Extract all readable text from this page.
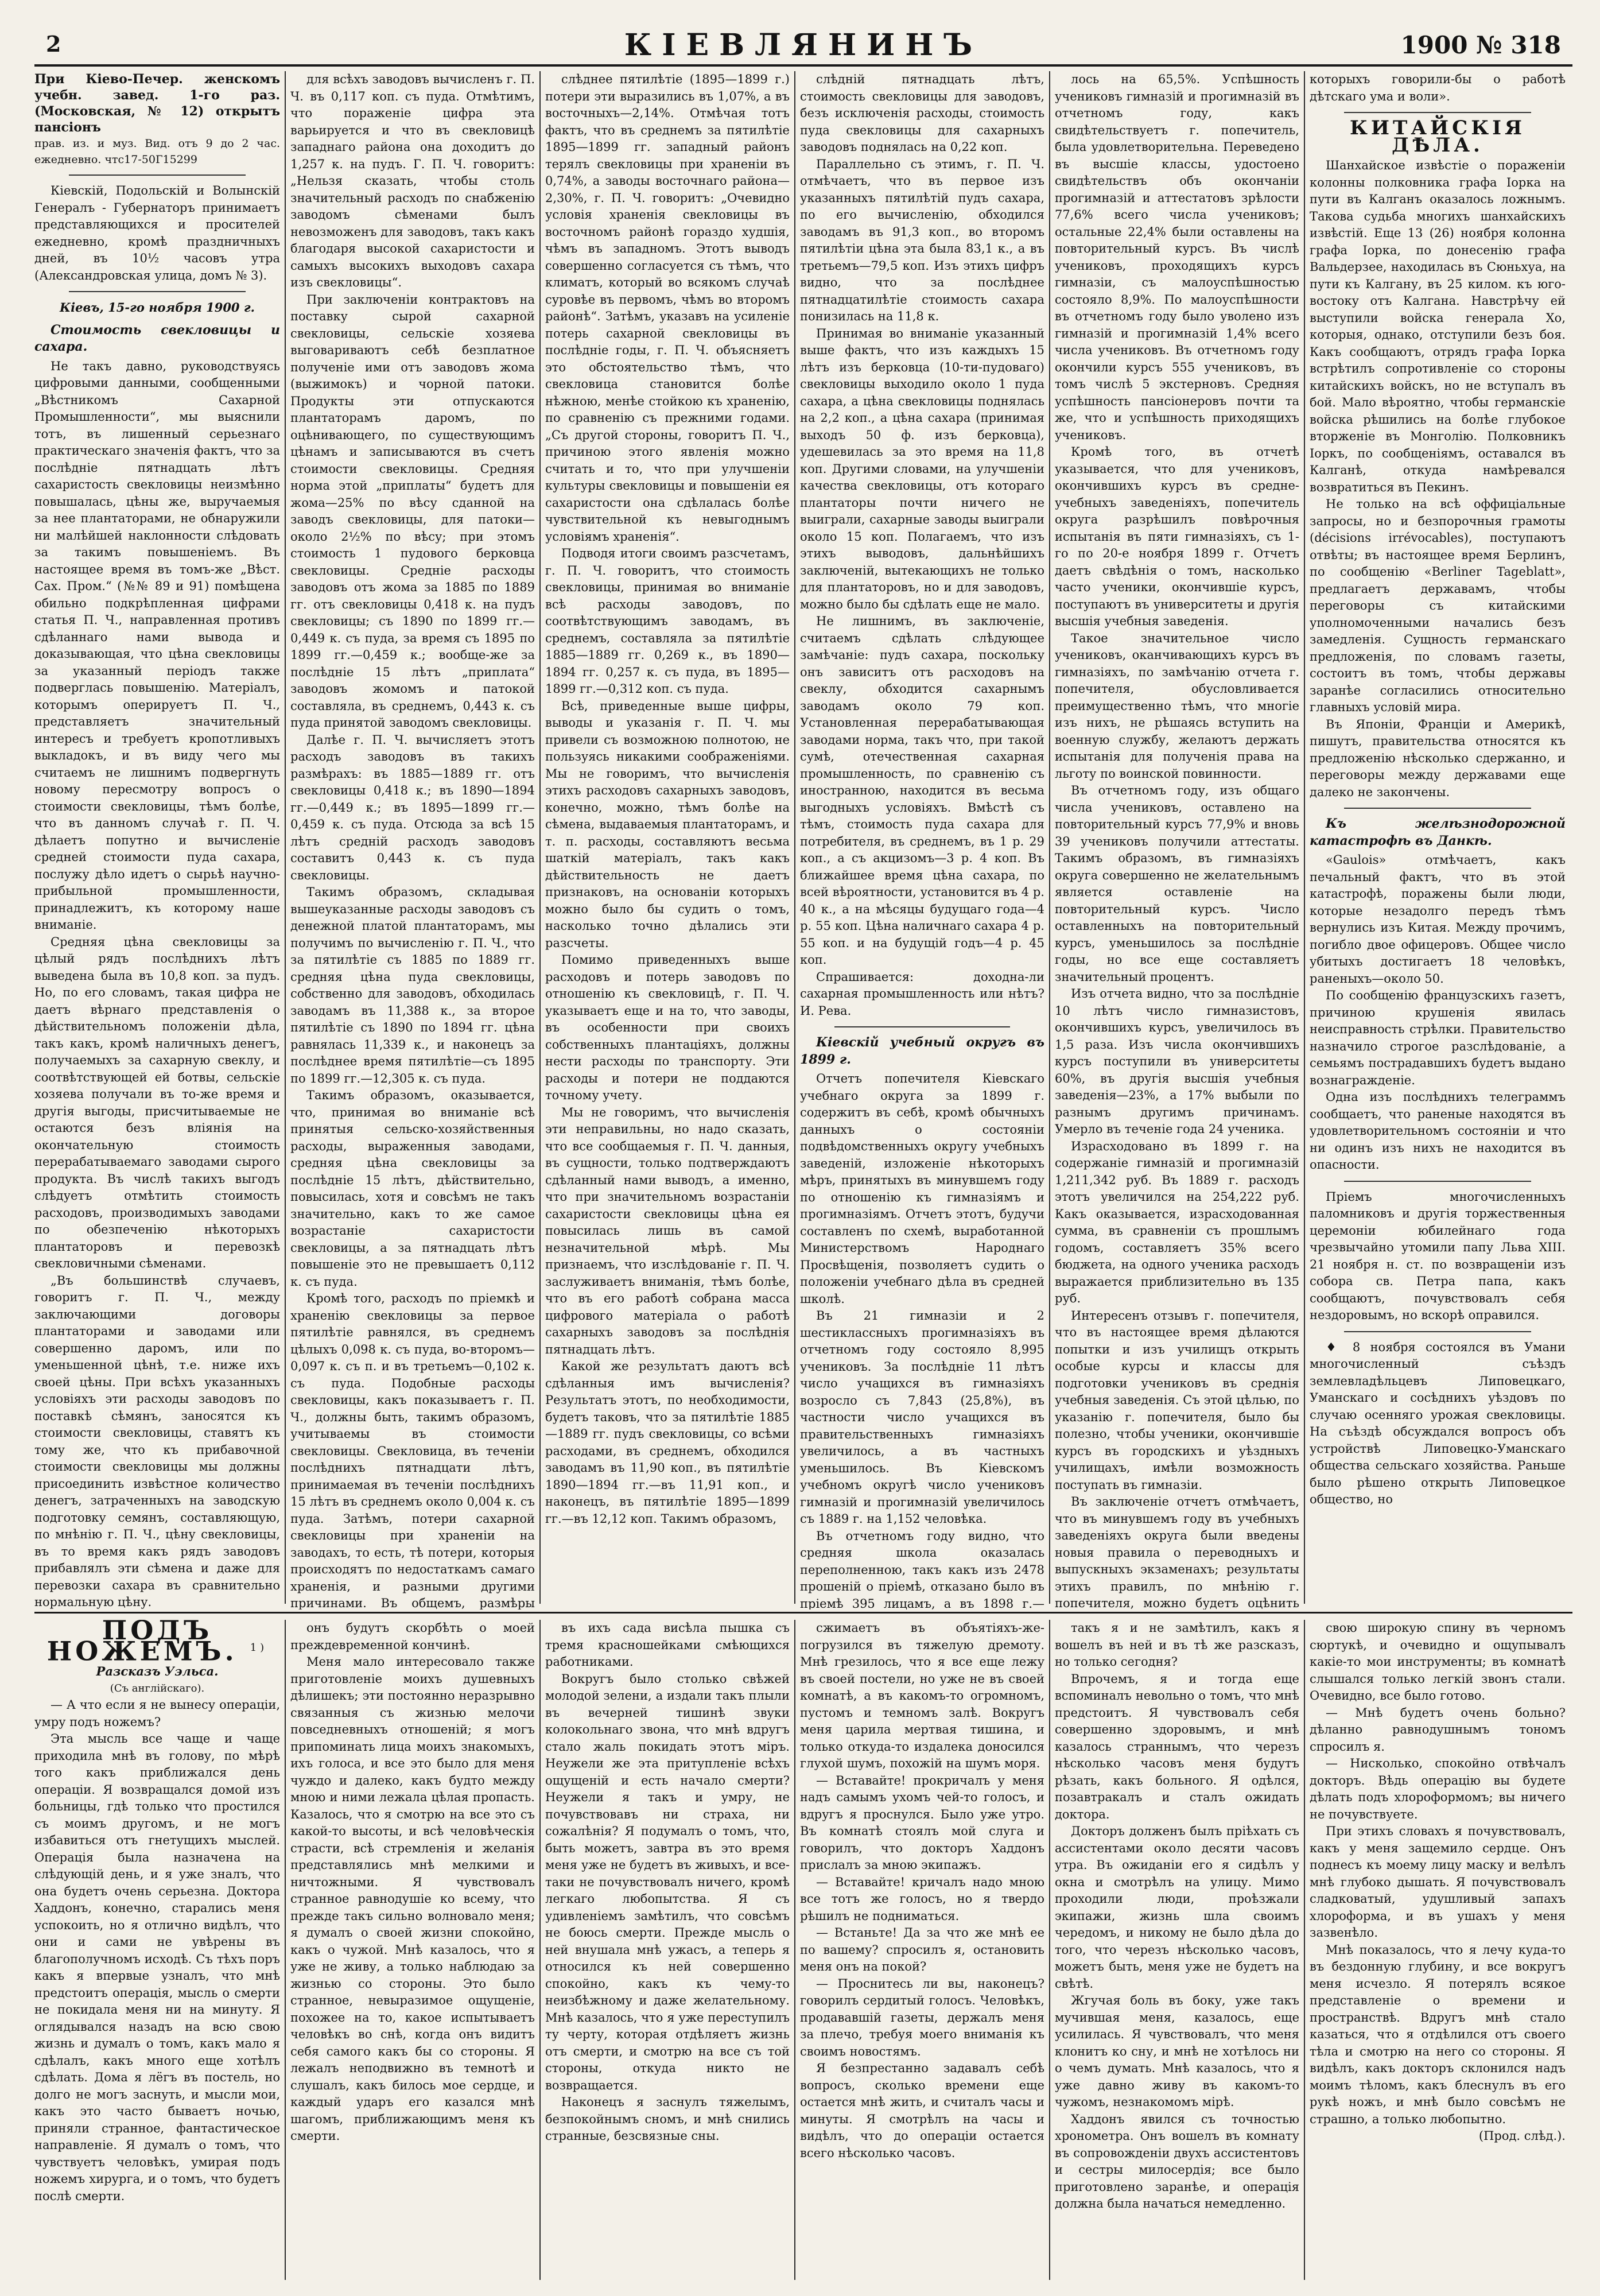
2	КІЕВЛЯНИНЪ	1900 № 318

При Кіево-Печер. женскомъ учебн. завед. 1-го раз. (Московская, № 12) открытъ пансіонъ

прав. из. и муз. Вид. отъ 9 до 2 час. ежедневно. чтс17-50Г15299

Кіевскій, Подольскій и Волынскій Генералъ - Губернаторъ принимаетъ представляющихся и просителей ежедневно, кромѣ праздничныхъ дней, въ 10½ часовъ утра (Александровская улица, домъ № 3).

Кіевъ, 15-го ноября 1900 г.

Стоимость свекловицы и сахара.

Не такъ давно, руководствуясь цифровыми данными, сообщенными „Вѣстникомъ Сахарной Промышленности“, мы выяснили тотъ, въ лишенный серьезнаго практическаго значенія фактъ, что за послѣдніе пятнадцать лѣтъ сахаристость свекловицы неизмѣнно повышалась, цѣны же, выручаемыя за нее плантаторами, не обнаружили ни малѣйшей наклонности слѣдовать за такимъ повышеніемъ. Въ настоящее время въ томъ-же „Вѣст. Сах. Пром.“ (№№ 89 и 91) помѣщена обильно подкрѣпленная цифрами статья П. Ч., направленная противъ сдѣланнаго нами вывода и доказывающая, что цѣна свекловицы за указанный періодъ также подверглась повышенію. Матеріалъ, которымъ оперируетъ П. Ч., представляетъ значительный интересъ и требуетъ кропотливыхъ выкладокъ, и въ виду чего мы считаемъ не лишнимъ подвергнуть новому пересмотру вопросъ о стоимости свекловицы, тѣмъ болѣе, что въ данномъ случаѣ г. П. Ч. дѣлаетъ попутно и вычисленіе средней стоимости пуда сахара, послужу дѣло идетъ о сырьѣ научно-прибыльной промышленности, принадлежитъ, къ которому наше вниманіе.

Средняя цѣна свекловицы за цѣлый рядъ послѣднихъ лѣтъ выведена была въ 10,8 коп. за пудъ. Но, по его словамъ, такая цифра не даетъ вѣрнаго представленія о дѣйствительномъ положеніи дѣла, такъ какъ, кромѣ наличныхъ денегъ, получаемыхъ за сахарную свеклу, и соотвѣтствующей ей ботвы, сельскіе хозяева получали въ то-же время и другія выгоды, присчитываемые не остаются безъ вліянія на окончательную стоимость перерабатываемаго заводами сырого продукта. Въ числѣ такихъ выгодъ слѣдуетъ отмѣтить стоимость расходовъ, производимыхъ заводами по обезпеченію нѣкоторыхъ плантаторовъ и перевозкѣ свекловичными сѣменами.

„Въ большинствѣ случаевъ, говоритъ г. П. Ч., между заключающими договоры плантаторами и заводами или совершенно даромъ, или по уменьшенной цѣнѣ, т.е. ниже ихъ своей цѣны. При всѣхъ указанныхъ условіяхъ эти расходы заводовъ по поставкѣ сѣмянъ, заносятся къ стоимости свекловицы, ставятъ къ тому же, что къ прибавочной стоимости свекловицы мы должны присоединить извѣстное количество денегъ, затраченныхъ на заводскую подготовку семянъ, составляющую, по мнѣнію г. П. Ч., цѣну свекловицы, въ то время какъ рядъ заводовъ прибавлялъ эти сѣмена и даже для перевозки сахара въ сравнительно нормальную цѣну.

для всѣхъ заводовъ вычисленъ г. П. Ч. въ 0,117 коп. съ пуда. Отмѣтимъ, что пораженіе цифра эта варьируется и что въ свекловицѣ западнаго района она доходитъ до 1,257 к. на пудъ. Г. П. Ч. говоритъ: „Нельзя сказать, чтобы столь значительный расходъ по снабженію заводомъ сѣменами былъ невозможенъ для заводовъ, такъ какъ благодаря высокой сахаристости и самыхъ высокихъ выходовъ сахара изъ свекловицы“.

При заключеніи контрактовъ на поставку сырой сахарной свекловицы, сельскіе хозяева выговариваютъ себѣ безплатное полученіе ими отъ заводовъ жома (выжимокъ) и чорной патоки. Продукты эти отпускаются плантаторамъ даромъ, по оцѣнивающего, по существующимъ цѣнамъ и записываются въ счетъ стоимости свекловицы. Средняя норма этой „приплаты“ будетъ для жома—25% по вѣсу сданной на заводъ свекловицы, для патоки—около 2½% по вѣсу; при этомъ стоимость 1 пудового берковца свекловицы. Средніе расходы заводовъ отъ жома за 1885 по 1889 гг. отъ свекловицы 0,418 к. на пудъ свекловицы; съ 1890 по 1899 гг.—0,449 к. съ пуда, за время съ 1895 по 1899 гг.—0,459 к.; вообще-же за послѣдніе 15 лѣтъ „приплата“ заводовъ жомомъ и патокой составляла, въ среднемъ, 0,443 к. съ пуда принятой заводомъ свекловицы.

Далѣе г. П. Ч. вычисляетъ этотъ расходъ заводовъ въ такихъ размѣрахъ: въ 1885—1889 гг. отъ свекловицы 0,418 к.; въ 1890—1894 гг.—0,449 к.; въ 1895—1899 гг.—0,459 к. съ пуда. Отсюда за всѣ 15 лѣтъ средній расходъ заводовъ составитъ 0,443 к. съ пуда свекловицы.

Такимъ образомъ, складывая вышеуказанные расходы заводовъ съ денежной платой плантаторамъ, мы получимъ по вычисленію г. П. Ч., что за пятилѣтіе съ 1885 по 1889 гг. средняя цѣна пуда свекловицы, собственно для заводовъ, обходилась заводамъ въ 11,388 к., за второе пятилѣтіе съ 1890 по 1894 гг. цѣна равнялась 11,339 к., и наконецъ за послѣднее время пятилѣтіе—съ 1895 по 1899 гг.—12,305 к. съ пуда.

Такимъ образомъ, оказывается, что, принимая во вниманіе всѣ принятыя сельско-хозяйственныя расходы, выраженныя заводами, средняя цѣна свекловицы за послѣдніе 15 лѣтъ, дѣйствительно, повысилась, хотя и совсѣмъ не такъ значительно, какъ то же самое возрастаніе сахаристости свекловицы, а за пятнадцать лѣтъ повышеніе это не превышаетъ 0,112 к. съ пуда.

Кромѣ того, расходъ по пріемкѣ и храненію свекловицы за первое пятилѣтіе равнялся, въ среднемъ цѣлыхъ 0,098 к. съ пуда, во-второмъ—0,097 к. съ п. и въ третьемъ—0,102 к. съ пуда. Подобные расходы свекловицы, какъ показываетъ г. П. Ч., должны быть, такимъ образомъ, учитываемы въ стоимости свекловицы. Свекловица, въ теченіи послѣднихъ пятнадцати лѣтъ, принимаемая въ теченіи послѣднихъ 15 лѣтъ въ среднемъ около 0,004 к. съ пуда. Затѣмъ, потери сахарной свекловицы при храненіи на заводахъ, то есть, тѣ потери, которыя происходятъ по недостаткамъ самаго храненія, и разными другими причинами. Въ общемъ, размѣры

слѣднее пятилѣтіе (1895—1899 г.) потери эти выразились въ 1,07%, а въ восточныхъ—2,14%. Отмѣчая тотъ фактъ, что въ среднемъ за пятилѣтіе 1895—1899 гг. западный районъ терялъ свекловицы при храненіи въ 0,74%, а заводы восточнаго района—2,30%, г. П. Ч. говоритъ: „Очевидно условія храненія свекловицы въ восточномъ районѣ гораздо худшія, чѣмъ въ западномъ. Этотъ выводъ совершенно согласуется съ тѣмъ, что климатъ, который во всякомъ случаѣ суровѣе въ первомъ, чѣмъ во второмъ районѣ“. Затѣмъ, указавъ на усиленіе потерь сахарной свекловицы въ послѣдніе годы, г. П. Ч. объясняетъ это обстоятельство тѣмъ, что свекловица становится болѣе нѣжною, менѣе стойкою къ храненію, по сравненію съ прежними годами. „Съ другой стороны, говоритъ П. Ч., причиною этого явленія можно считать и то, что при улучшеніи культуры свекловицы и повышеніи ея сахаристости она сдѣлалась болѣе чувствительной къ невыгоднымъ условіямъ храненія“.

Подводя итоги своимъ разсчетамъ, г. П. Ч. говоритъ, что стоимость свекловицы, принимая во вниманіе всѣ расходы заводовъ, по соотвѣтствующимъ заводамъ, въ среднемъ, составляла за пятилѣтіе 1885—1889 гг. 0,269 к., въ 1890—1894 гг. 0,257 к. съ пуда, въ 1895—1899 гг.—0,312 коп. съ пуда.

Всѣ, приведенные выше цифры, выводы и указанія г. П. Ч. мы привели съ возможною полнотою, не пользуясь никакими соображеніями. Мы не говоримъ, что вычисленія этихъ расходовъ сахарныхъ заводовъ, конечно, можно, тѣмъ болѣе на сѣмена, выдаваемыя плантаторамъ, и т. п. расходы, составляютъ весьма шаткій матеріалъ, такъ какъ дѣйствительность не даетъ признаковъ, на основаніи которыхъ можно было бы судить о томъ, насколько точно дѣлались эти разсчеты.

Помимо приведенныхъ выше расходовъ и потерь заводовъ по отношенію къ свекловицѣ, г. П. Ч. указываетъ еще и на то, что заводы, въ особенности при своихъ собственныхъ плантаціяхъ, должны нести расходы по транспорту. Эти расходы и потери не поддаются точному учету.

Мы не говоримъ, что вычисленія эти неправильны, но надо сказать, что все сообщаемыя г. П. Ч. данныя, въ сущности, только подтверждаютъ сдѣланный нами выводъ, а именно, что при значительномъ возрастаніи сахаристости свекловицы цѣна ея повысилась лишь въ самой незначительной мѣрѣ. Мы признаемъ, что изслѣдованіе г. П. Ч. заслуживаетъ вниманія, тѣмъ болѣе, что въ его работѣ собрана масса цифрового матеріала о работѣ сахарныхъ заводовъ за послѣднія пятнадцать лѣтъ.

Какой же результатъ даютъ всѣ сдѣланныя имъ вычисленія? Результатъ этотъ, по необходимости, будетъ таковъ, что за пятилѣтіе 1885—1889 гг. пудъ свекловицы, со всѣми расходами, въ среднемъ, обходился заводамъ въ 11,90 коп., въ пятилѣтіе 1890—1894 гг.—въ 11,91 коп., и наконецъ, въ пятилѣтіе 1895—1899 гг.—въ 12,12 коп. Такимъ образомъ,

слѣдній пятнадцать лѣтъ, стоимость свекловицы для заводовъ, безъ исключенія расходы, стоимость пуда свекловицы для сахарныхъ заводовъ поднялась на 0,22 коп.

Параллельно съ этимъ, г. П. Ч. отмѣчаетъ, что въ первое изъ указанныхъ пятилѣтій пудъ сахара, по его вычисленію, обходился заводамъ въ 91,3 коп., во второмъ пятилѣтіи цѣна эта была 83,1 к., а въ третьемъ—79,5 коп. Изъ этихъ цифръ видно, что за послѣднее пятнадцатилѣтіе стоимость сахара понизилась на 11,8 к.

Принимая во вниманіе указанный выше фактъ, что изъ каждыхъ 15 лѣтъ изъ берковца (10-ти-пудоваго) свекловицы выходило около 1 пуда сахара, а цѣна свекловицы поднялась на 2,2 коп., а цѣна сахара (принимая выходъ 50 ф. изъ берковца), удешевилась за это время на 11,8 коп. Другими словами, на улучшеніи качества свекловицы, отъ котораго плантаторы почти ничего не выиграли, сахарные заводы выиграли около 15 коп. Полагаемъ, что изъ этихъ выводовъ, дальнѣйшихъ заключеній, вытекающихъ не только для плантаторовъ, но и для заводовъ, можно было бы сдѣлать еще не мало.

Не лишнимъ, въ заключеніе, считаемъ сдѣлать слѣдующее замѣчаніе: пудъ сахара, поскольку онъ зависитъ отъ расходовъ на свеклу, обходится сахарнымъ заводамъ около 79 коп. Установленная перерабатывающая заводами норма, такъ что, при такой сумѣ, отечественная сахарная промышленность, по сравненію съ иностранною, находится въ весьма выгодныхъ условіяхъ. Вмѣстѣ съ тѣмъ, стоимость пуда сахара для потребителя, въ среднемъ, въ 1 р. 29 коп., а съ акцизомъ—3 р. 4 коп. Въ ближайшее время цѣна сахара, по всей вѣроятности, установится въ 4 р. 40 к., а на мѣсяцы будущаго года—4 р. 55 коп. Цѣна наличнаго сахара 4 р. 55 коп. и на будущій годъ—4 р. 45 коп.

Спрашивается: доходна-ли сахарная промышленность или нѣтъ? И. Рева.

Кіевскій учебный округъ въ 1899 г.

Отчетъ попечителя Кіевскаго учебнаго округа за 1899 г. содержитъ въ себѣ, кромѣ обычныхъ данныхъ о состояніи подвѣдомственныхъ округу учебныхъ заведеній, изложеніе нѣкоторыхъ мѣръ, принятыхъ въ минувшемъ году по отношенію къ гимназіямъ и прогимназіямъ. Отчетъ этотъ, будучи составленъ по схемѣ, выработанной Министерствомъ Народнаго Просвѣщенія, позволяетъ судить о положеніи учебнаго дѣла въ средней школѣ.

Въ 21 гимназіи и 2 шестиклассныхъ прогимназіяхъ въ отчетномъ году состояло 8,995 учениковъ. За послѣдніе 11 лѣтъ число учащихся въ гимназіяхъ возросло съ 7,843 (25,8%), въ частности число учащихся въ правительственныхъ гимназіяхъ увеличилось, а въ частныхъ уменьшилось. Въ Кіевскомъ учебномъ округѣ число учениковъ гимназій и прогимназій увеличилось съ 1889 г. на 1,152 человѣка.

Въ отчетномъ году видно, что средняя школа оказалась переполненною, такъ какъ изъ 2478 прошеній о пріемѣ, отказано было въ пріемѣ 395 лицамъ, а въ 1898 г.—

лось на 65,5%. Успѣшность учениковъ гимназій и прогимназій въ отчетномъ году, какъ свидѣтельствуетъ г. попечитель, была удовлетворительна. Переведено въ высшіе классы, удостоено свидѣтельствъ объ окончаніи прогимназій и аттестатовъ зрѣлости 77,6% всего числа учениковъ; остальные 22,4% были оставлены на повторительный курсъ. Въ числѣ учениковъ, проходящихъ курсъ гимназіи, съ малоуспѣшностью состояло 8,9%. По малоуспѣшности въ отчетномъ году было уволено изъ гимназій и прогимназій 1,4% всего числа учениковъ. Въ отчетномъ году окончили курсъ 555 учениковъ, въ томъ числѣ 5 экстерновъ. Средняя успѣшность пансіонеровъ почти та же, что и успѣшность приходящихъ учениковъ.

Кромѣ того, въ отчетѣ указывается, что для учениковъ, окончившихъ курсъ въ средне-учебныхъ заведеніяхъ, попечитель округа разрѣшилъ повѣрочныя испытанія въ пяти гимназіяхъ, съ 1-го по 20-е ноября 1899 г. Отчетъ даетъ свѣдѣнія о томъ, насколько часто ученики, окончившіе курсъ, поступаютъ въ университеты и другія высшія учебныя заведенія.

Такое значительное число учениковъ, оканчивающихъ курсъ въ гимназіяхъ, по замѣчанію отчета г. попечителя, обусловливается преимущественно тѣмъ, что многіе изъ нихъ, не рѣшаясь вступить на военную службу, желаютъ держать испытанія для полученія права на льготу по воинской повинности.

Въ отчетномъ году, изъ общаго числа учениковъ, оставлено на повторительный курсъ 77,9% и вновь 39 учениковъ получили аттестаты. Такимъ образомъ, въ гимназіяхъ округа совершенно не желательнымъ является оставленіе на повторительный курсъ. Число оставленныхъ на повторительный курсъ, уменьшилось за послѣдніе годы, но все еще составляетъ значительный процентъ.

Изъ отчета видно, что за послѣдніе 10 лѣтъ число гимназистовъ, окончившихъ курсъ, увеличилось въ 1,5 раза. Изъ числа окончившихъ курсъ поступили въ университеты 60%, въ другія высшія учебныя заведенія—23%, а 17% выбыли по разнымъ другимъ причинамъ. Умерло въ теченіе года 24 ученика.

Израсходовано въ 1899 г. на содержаніе гимназій и прогимназій 1,211,342 руб. Въ 1889 г. расходъ этотъ увеличился на 254,222 руб. Какъ оказывается, израсходованная сумма, въ сравненіи съ прошлымъ годомъ, составляетъ 35% всего бюджета, на одного ученика расходъ выражается приблизительно въ 135 руб.

Интересенъ отзывъ г. попечителя, что въ настоящее время дѣлаются попытки и изъ училищъ открыть особые курсы и классы для подготовки учениковъ въ среднія учебныя заведенія. Съ этой цѣлью, по указанію г. попечителя, было бы полезно, чтобы ученики, окончившіе курсъ въ городскихъ и уѣздныхъ училищахъ, имѣли возможность поступать въ гимназіи.

Въ заключеніе отчетъ отмѣчаетъ, что въ минувшемъ году въ учебныхъ заведеніяхъ округа были введены новыя правила о переводныхъ и выпускныхъ экзаменахъ; результаты этихъ правилъ, по мнѣнію г. попечителя, можно будетъ оцѣнить

которыхъ говорили-бы о работѣ дѣтскаго ума и воли».

КИТАЙСКІЯ ДѢЛА.

Шанхайское извѣстіе о пораженіи колонны полковника графа Іорка на пути въ Калганъ оказалось ложнымъ. Такова судьба многихъ шанхайскихъ извѣстій. Еще 13 (26) ноября колонна графа Іорка, по донесенію графа Вальдерзее, находилась въ Сюньхуа, на пути къ Калгану, въ 25 килом. къ юго-востоку отъ Калгана. Навстрѣчу ей выступили войска генерала Хо, которыя, однако, отступили безъ боя. Какъ сообщаютъ, отрядъ графа Іорка встрѣтилъ сопротивленіе со стороны китайскихъ войскъ, но не вступалъ въ бой. Мало вѣроятно, чтобы германскіе войска рѣшились на болѣе глубокое вторженіе въ Монголію. Полковникъ Іоркъ, по сообщеніямъ, оставался въ Калганѣ, откуда намѣревался возвратиться въ Пекинъ.

Не только на всѣ оффиціальные запросы, но и безпорочныя грамоты (décisions irrévocables), поступаютъ отвѣты; въ настоящее время Берлинъ, по сообщенію «Berliner Tageblatt», предлагаетъ державамъ, чтобы переговоры съ китайскими уполномоченными начались безъ замедленія. Сущность германскаго предложенія, по словамъ газеты, состоитъ въ томъ, чтобы державы заранѣе согласились относительно главныхъ условій мира.

Въ Японіи, Франціи и Америкѣ, пишутъ, правительства относятся къ предложенію нѣсколько сдержанно, и переговоры между державами еще далеко не закончены.

Къ желѣзнодорожной катастрофѣ въ Данкѣ.

«Gaulois» отмѣчаетъ, какъ печальный фактъ, что въ этой катастрофѣ, поражены были люди, которые незадолго передъ тѣмъ вернулись изъ Китая. Между прочимъ, погибло двое офицеровъ. Общее число убитыхъ достигаетъ 18 человѣкъ, раненыхъ—около 50.

По сообщенію французскихъ газетъ, причиною крушенія явилась неисправность стрѣлки. Правительство назначило строгое разслѣдованіе, а семьямъ пострадавшихъ будетъ выдано вознагражденіе.

Одна изъ послѣднихъ телеграммъ сообщаетъ, что раненые находятся въ удовлетворительномъ состояніи и что ни одинъ изъ нихъ не находится въ опасности.

Пріемъ многочисленныхъ паломниковъ и другія торжественныя церемоніи юбилейнаго года чрезвычайно утомили папу Льва XIII. 21 ноября н. ст. по возвращеніи изъ собора св. Петра папа, какъ сообщаютъ, почувствовалъ себя нездоровымъ, но вскорѣ оправился.

♦ 8 ноября состоялся въ Умани многочисленный съѣздъ землевладѣльцевъ Липовецкаго, Уманскаго и сосѣднихъ уѣздовъ по случаю осенняго урожая свекловицы. На съѣздѣ обсуждался вопросъ объ устройствѣ Липовецко-Уманскаго общества сельскаго хозяйства. Раньше было рѣшено открыть Липовецкое общество, но

ПОДЪ НОЖЕМЪ. $^{1)}$

Разсказъ Уэльса.

(Съ англійскаго).

— А что если я не вынесу операціи, умру подъ ножемъ?

Эта мысль все чаще и чаще приходила мнѣ въ голову, по мѣрѣ того какъ приближался день операціи. Я возвращался домой изъ больницы, гдѣ только что простился съ моимъ другомъ, и не могъ избавиться отъ гнетущихъ мыслей. Операція была назначена на слѣдующій день, и я уже зналъ, что она будетъ очень серьезна. Доктора Хаддонъ, конечно, старались меня успокоить, но я отлично видѣлъ, что они и сами не увѣрены въ благополучномъ исходѣ. Съ тѣхъ поръ какъ я впервые узналъ, что мнѣ предстоитъ операція, мысль о смерти не покидала меня ни на минуту. Я оглядывался назадъ на всю свою жизнь и думалъ о томъ, какъ мало я сдѣлалъ, какъ много еще хотѣлъ сдѣлать. Дома я лёгъ въ постель, но долго не могъ заснуть, и мысли мои, какъ это часто бываетъ ночью, приняли странное, фантастическое направленіе. Я думалъ о томъ, что чувствуетъ человѣкъ, умирая подъ ножемъ хирурга, и о томъ, что будетъ послѣ смерти.

онъ будутъ скорбѣть о моей преждевременной кончинѣ.

Меня мало интересовало также приготовленіе моихъ душевныхъ дѣлишекъ; эти постоянно неразрывно связанныя съ жизнью мелочи повседневныхъ отношеній; я могъ припоминать лица моихъ знакомыхъ, ихъ голоса, и все это было для меня чуждо и далеко, какъ будто между мною и ними лежала цѣлая пропасть. Казалось, что я смотрю на все это съ какой-то высоты, и всѣ человѣческія страсти, всѣ стремленія и желанія представлялись мнѣ мелкими и ничтожными. Я чувствовалъ странное равнодушіе ко всему, что прежде такъ сильно волновало меня; я думалъ о своей жизни спокойно, какъ о чужой. Мнѣ казалось, что я уже не живу, а только наблюдаю за жизнью со стороны. Это было странное, невыразимое ощущеніе, похожее на то, какое испытываетъ человѣкъ во снѣ, когда онъ видитъ себя самого какъ бы со стороны. Я лежалъ неподвижно въ темнотѣ и слушалъ, какъ билось мое сердце, и каждый ударъ его казался мнѣ шагомъ, приближающимъ меня къ смерти.

въ ихъ сада висѣла пышка съ тремя красношейками смѣющихся работниками.

Вокругъ было столько свѣжей молодой зелени, а издали такъ плыли въ вечерней тишинѣ звуки колокольнаго звона, что мнѣ вдругъ стало жаль покидать этотъ міръ. Неужели же эта притупленіе всѣхъ ощущеній и есть начало смерти? Неужели я такъ и умру, не почувствовавъ ни страха, ни сожалѣнія? Я подумалъ о томъ, что, быть можетъ, завтра въ это время меня уже не будетъ въ живыхъ, и все-таки не почувствовалъ ничего, кромѣ легкаго любопытства. Я съ удивленіемъ замѣтилъ, что совсѣмъ не боюсь смерти. Прежде мысль о ней внушала мнѣ ужасъ, а теперь я относился къ ней совершенно спокойно, какъ къ чему-то неизбѣжному и даже желательному. Мнѣ казалось, что я уже переступилъ ту черту, которая отдѣляетъ жизнь отъ смерти, и смотрю на все съ той стороны, откуда никто не возвращается.

Наконецъ я заснулъ тяжелымъ, безпокойнымъ сномъ, и мнѣ снились странные, безсвязные сны.

сжимаетъ въ объятіяхъ-же-погрузился въ тяжелую дремоту. Мнѣ грезилось, что я все еще лежу въ своей постели, но уже не въ своей комнатѣ, а въ какомъ-то огромномъ, пустомъ и темномъ залѣ. Вокругъ меня царила мертвая тишина, и только откуда-то издалека доносился глухой шумъ, похожій на шумъ моря.

— Вставайте! прокричалъ у меня надъ самымъ ухомъ чей-то голосъ, и вдругъ я проснулся. Было уже утро. Въ комнатѣ стоялъ мой слуга и говорилъ, что докторъ Хаддонъ прислалъ за мною экипажъ.

— Вставайте! кричалъ надо мною все тотъ же голосъ, но я твердо рѣшилъ не подниматься.

— Встаньте! Да за что же мнѣ ее по вашему? спросилъ я, остановить меня онъ на покой?

— Проснитесь ли вы, наконецъ? говорилъ сердитый голосъ. Человѣкъ, продававшій газеты, держалъ меня за плечо, требуя моего вниманія къ своимъ новостямъ.

Я безпрестанно задавалъ себѣ вопросъ, сколько времени еще остается мнѣ жить, и считалъ часы и минуты. Я смотрѣлъ на часы и видѣлъ, что до операціи остается всего нѣсколько часовъ.

такъ я и не замѣтилъ, какъ я вошелъ въ ней и въ тѣ же разсказъ, но только сегодня?

Впрочемъ, я и тогда еще вспоминалъ невольно о томъ, что мнѣ предстоитъ. Я чувствовалъ себя совершенно здоровымъ, и мнѣ казалось страннымъ, что черезъ нѣсколько часовъ меня будутъ рѣзать, какъ больного. Я одѣлся, позавтракалъ и сталъ ожидать доктора.

Докторъ долженъ былъ пріѣхать съ ассистентами около десяти часовъ утра. Въ ожиданіи его я сидѣлъ у окна и смотрѣлъ на улицу. Мимо проходили люди, проѣзжали экипажи, жизнь шла своимъ чередомъ, и никому не было дѣла до того, что черезъ нѣсколько часовъ, можетъ быть, меня уже не будетъ на свѣтѣ.

Жгучая боль въ боку, уже такъ мучившая меня, казалось, еще усилилась. Я чувствовалъ, что меня клонитъ ко сну, и мнѣ не хотѣлось ни о чемъ думать. Мнѣ казалось, что я уже давно живу въ какомъ-то чужомъ, незнакомомъ мірѣ.

Хаддонъ явился съ точностью хронометра. Онъ вошелъ въ комнату въ сопровожденіи двухъ ассистентовъ и сестры милосердія; все было приготовлено заранѣе, и операція должна была начаться немедленно.

свою широкую спину въ черномъ сюртукѣ, и очевидно и ощупывалъ какіе-то мои инструменты; въ комнатѣ слышался только легкій звонъ стали. Очевидно, все было готово.

— Мнѣ будетъ очень больно? дѣланно равнодушнымъ тономъ спросилъ я.

— Нисколько, спокойно отвѣчалъ докторъ. Вѣдь операцію вы будете дѣлать подъ хлороформомъ; вы ничего не почувствуете.

При этихъ словахъ я почувствовалъ, какъ у меня защемило сердце. Онъ поднесъ къ моему лицу маску и велѣлъ мнѣ глубоко дышать. Я почувствовалъ сладковатый, удушливый запахъ хлороформа, и въ ушахъ у меня зазвенѣло.

Мнѣ показалось, что я лечу куда-то въ бездонную глубину, и все вокругъ меня исчезло. Я потерялъ всякое представленіе о времени и пространствѣ. Вдругъ мнѣ стало казаться, что я отдѣлился отъ своего тѣла и смотрю на него со стороны. Я видѣлъ, какъ докторъ склонился надъ моимъ тѣломъ, какъ блеснулъ въ его рукѣ ножъ, и мнѣ было совсѣмъ не страшно, а только любопытно.

(Прод. слѣд.).
